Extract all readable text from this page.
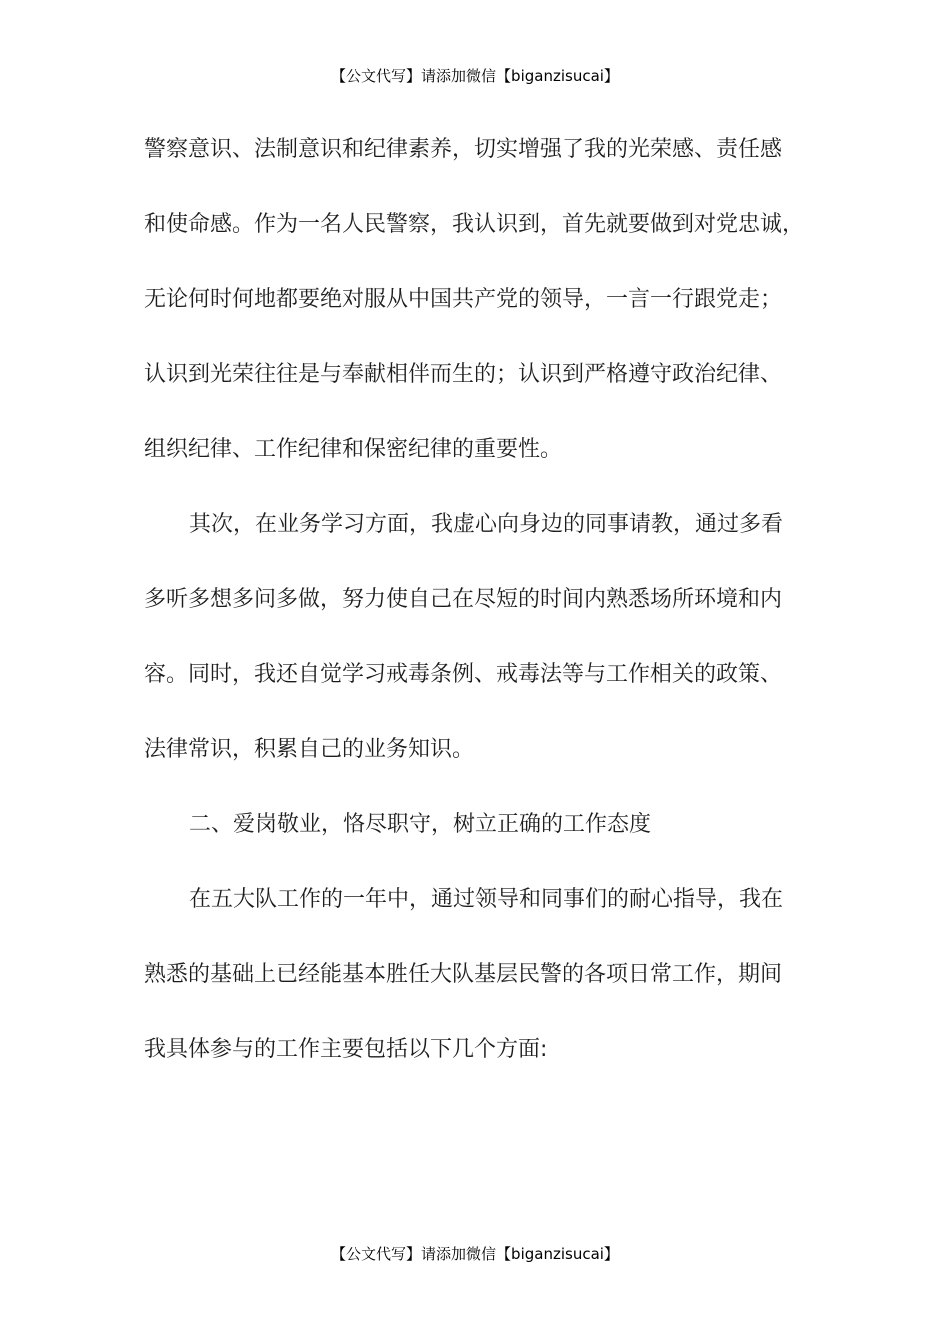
【公文代写】请添加微信【biganzisucai】
警察意识、法制意识和纪律素养，切实增强了我的光荣感、责任感
和使命感。作为一名人民警察，我认识到，首先就要做到对党忠诚，
无论何时何地都要绝对服从中国共产党的领导，一言一行跟党走；
认识到光荣往往是与奉献相伴而生的；认识到严格遵守政治纪律、
组织纪律、工作纪律和保密纪律的重要性。
其次，在业务学习方面，我虚心向身边的同事请教，通过多看
多听多想多问多做，努力使自己在尽短的时间内熟悉场所环境和内
容。同时，我还自觉学习戒毒条例、戒毒法等与工作相关的政策、
法律常识，积累自己的业务知识。
二、爱岗敬业，恪尽职守，树立正确的工作态度
在五大队工作的一年中，通过领导和同事们的耐心指导，我在
熟悉的基础上已经能基本胜任大队基层民警的各项日常工作，期间
我具体参与的工作主要包括以下几个方面:
【公文代写】请添加微信【biganzisucai】
